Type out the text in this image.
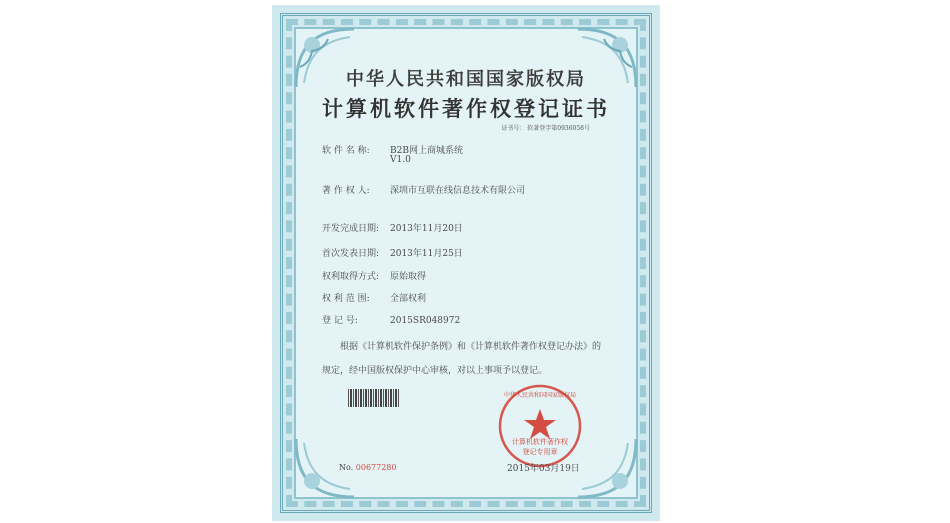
中华人民共和国国家版权局
计算机软件著作权登记证书
证书号： 软著登字第0936058号
软 件 名 称: B2B网上商城系统
V1.0
著 作 权 人: 深圳市互联在线信息技术有限公司
开发完成日期: 2013年11月20日
首次发表日期: 2013年11月25日
权利取得方式: 原始取得
权 利 范 围: 全部权利
登 记 号:	2015SR048972
根据《计算机软件保护条例》和《计算机软件著作权登记办法》的
规定，经中国版权保护中心审核，对以上事项予以登记。
中华人民共和国国家版权局
计算机软件著作权
登记专用章
No. 00677280	2015年03月19日
